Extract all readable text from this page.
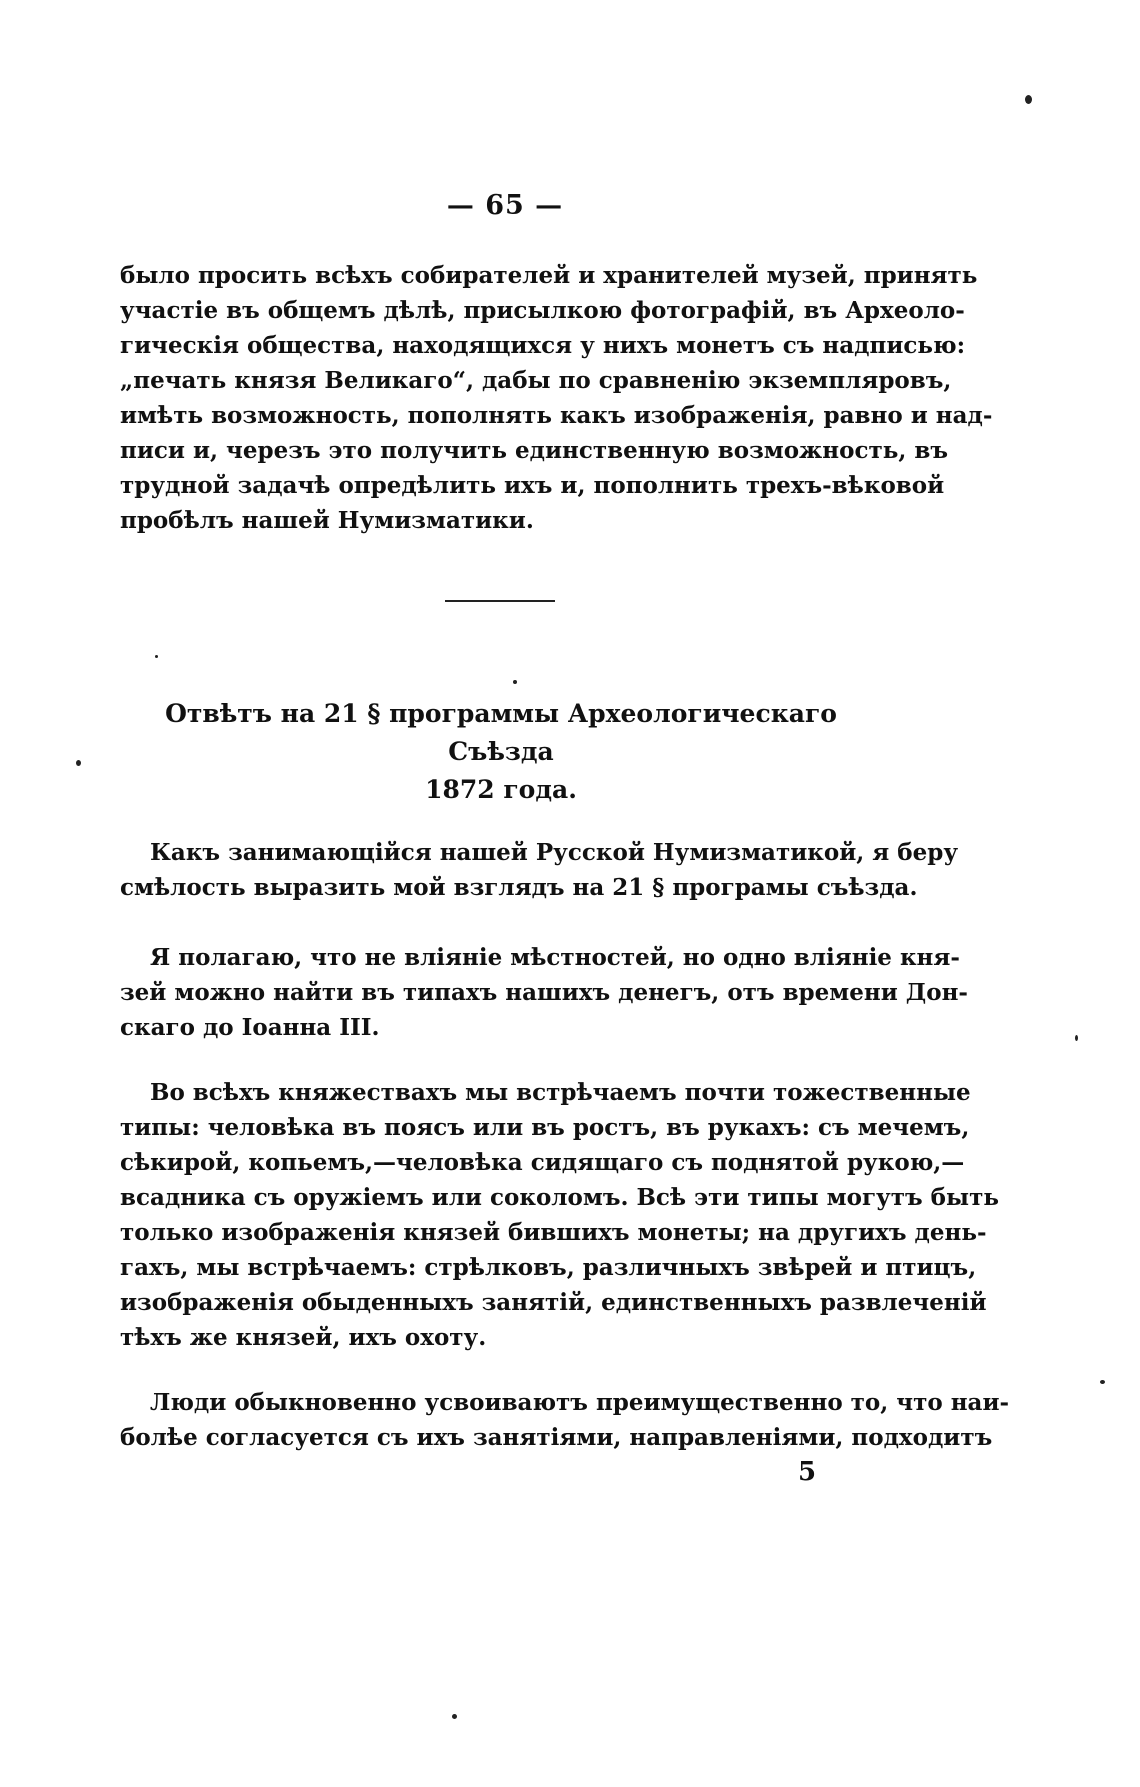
— 65 —
было просить всѣхъ собирателей и хранителей музей, принять
участіе въ общемъ дѣлѣ, присылкою фотографій, въ Археоло-
гическія общества, находящихся у нихъ монетъ съ надписью:
„печать князя Великаго“, дабы по сравненію экземпляровъ,
имѣть возможность, пополнять какъ изображенія, равно и над-
писи и, черезъ это получить единственную возможность, въ
трудной задачѣ опредѣлить ихъ и, пополнить трехъ-вѣковой
пробѣлъ нашей Нумизматики.
Отвѣтъ на 21 § программы Археологическаго Съѣзда
1872 года.
Какъ занимающійся нашей Русской Нумизматикой, я беру
смѣлость выразить мой взглядъ на 21 § програмы съѣзда.
Я полагаю, что не вліяніе мѣстностей, но одно вліяніе кня-
зей можно найти въ типахъ нашихъ денегъ, отъ времени Дон-
скаго до Іоанна III.
Во всѣхъ княжествахъ мы встрѣчаемъ почти тожественные
типы: человѣка въ поясъ или въ ростъ, въ рукахъ: съ мечемъ,
сѣкирой, копьемъ,—человѣка сидящаго съ поднятой рукою,—
всадника съ оружіемъ или соколомъ. Всѣ эти типы могутъ быть
только изображенія князей бившихъ монеты; на другихъ день-
гахъ, мы встрѣчаемъ: стрѣлковъ, различныхъ звѣрей и птицъ,
изображенія обыденныхъ занятій, единственныхъ развлеченій
тѣхъ же князей, ихъ охоту.
Люди обыкновенно усвоиваютъ преимущественно то, что наи-
болѣе согласуется съ ихъ занятіями, направленіями, подходитъ
5
